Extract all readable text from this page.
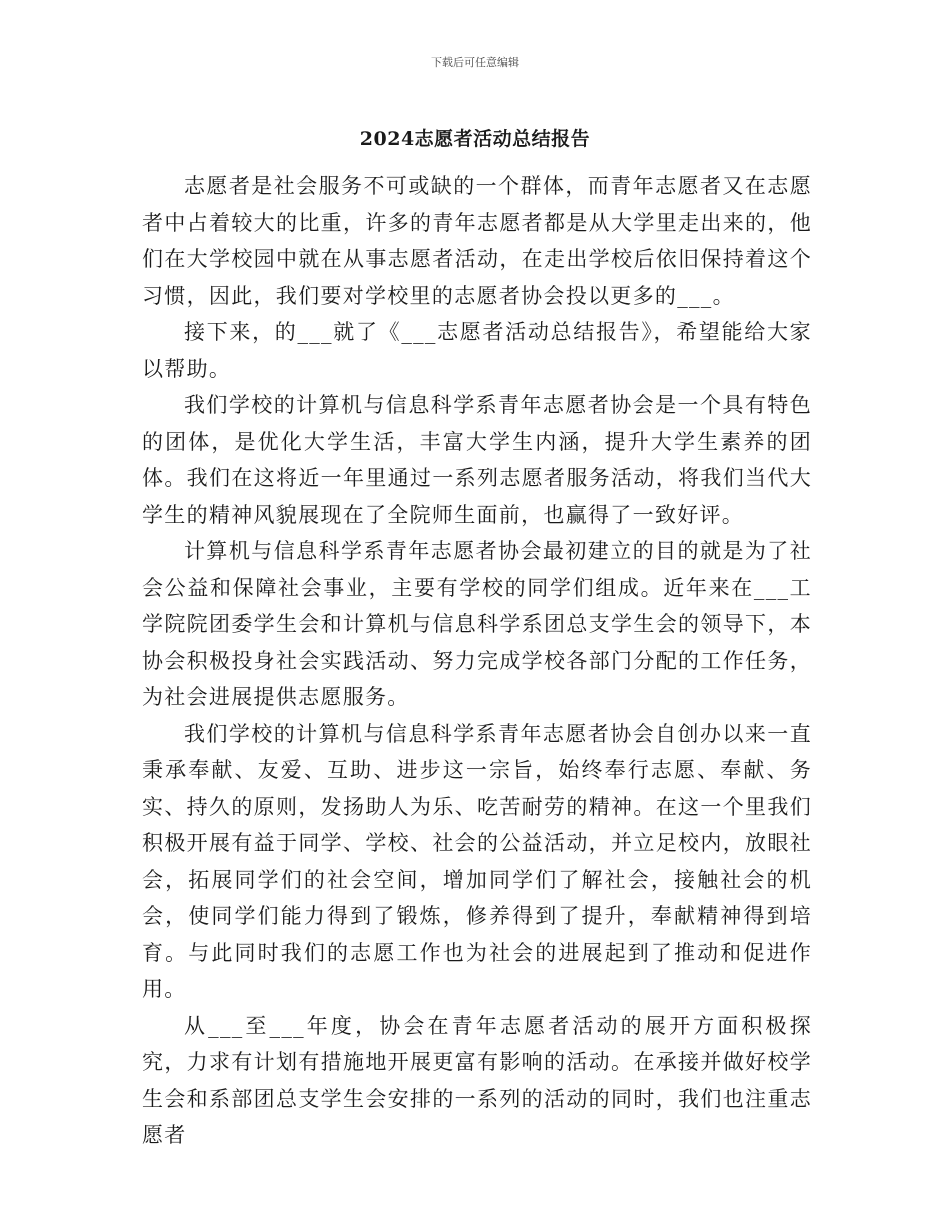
下载后可任意编辑
2024志愿者活动总结报告

志愿者是社会服务不可或缺的一个群体，而青年志愿者又在志愿者中占着较大的比重，许多的青年志愿者都是从大学里走出来的，他们在大学校园中就在从事志愿者活动，在走出学校后依旧保持着这个习惯，因此，我们要对学校里的志愿者协会投以更多的___。

接下来，的___就了《___志愿者活动总结报告》，希望能给大家以帮助。

我们学校的计算机与信息科学系青年志愿者协会是一个具有特色的团体，是优化大学生活，丰富大学生内涵，提升大学生素养的团体。我们在这将近一年里通过一系列志愿者服务活动，将我们当代大学生的精神风貌展现在了全院师生面前，也赢得了一致好评。

计算机与信息科学系青年志愿者协会最初建立的目的就是为了社会公益和保障社会事业，主要有学校的同学们组成。近年来在___工学院院团委学生会和计算机与信息科学系团总支学生会的领导下，本协会积极投身社会实践活动、努力完成学校各部门分配的工作任务，为社会进展提供志愿服务。

我们学校的计算机与信息科学系青年志愿者协会自创办以来一直秉承奉献、友爱、互助、进步这一宗旨，始终奉行志愿、奉献、务实、持久的原则，发扬助人为乐、吃苦耐劳的精神。在这一个里我们积极开展有益于同学、学校、社会的公益活动，并立足校内，放眼社会，拓展同学们的社会空间，增加同学们了解社会，接触社会的机会，使同学们能力得到了锻炼，修养得到了提升，奉献精神得到培育。与此同时我们的志愿工作也为社会的进展起到了推动和促进作用。

从___至___年度，协会在青年志愿者活动的展开方面积极探究，力求有计划有措施地开展更富有影响的活动。在承接并做好校学生会和系部团总支学生会安排的一系列的活动的同时，我们也注重志愿者
